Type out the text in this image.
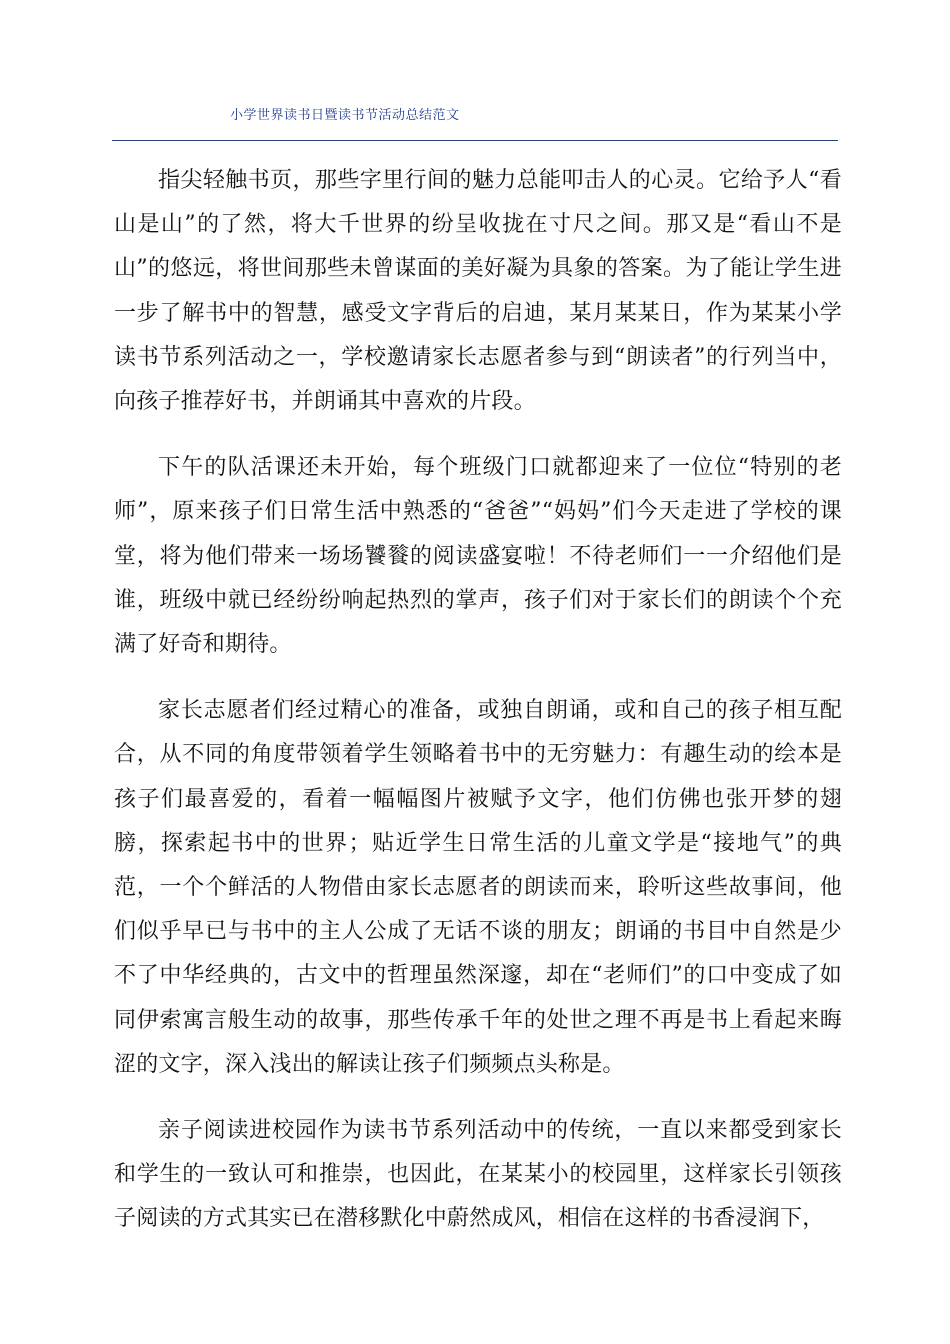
小学世界读书日暨读书节活动总结范文

指尖轻触书页，那些字里行间的魅力总能叩击人的心灵。它给予人“看山是山”的了然，将大千世界的纷呈收拢在寸尺之间。那又是“看山不是山”的悠远，将世间那些未曾谋面的美好凝为具象的答案。为了能让学生进一步了解书中的智慧，感受文字背后的启迪，某月某某日，作为某某小学读书节系列活动之一，学校邀请家长志愿者参与到“朗读者”的行列当中，向孩子推荐好书，并朗诵其中喜欢的片段。

下午的队活课还未开始，每个班级门口就都迎来了一位位“特别的老师”，原来孩子们日常生活中熟悉的“爸爸”“妈妈”们今天走进了学校的课堂，将为他们带来一场场饕餮的阅读盛宴啦！不待老师们一一介绍他们是谁，班级中就已经纷纷响起热烈的掌声，孩子们对于家长们的朗读个个充满了好奇和期待。

家长志愿者们经过精心的准备，或独自朗诵，或和自己的孩子相互配合，从不同的角度带领着学生领略着书中的无穷魅力：有趣生动的绘本是孩子们最喜爱的，看着一幅幅图片被赋予文字，他们仿佛也张开梦的翅膀，探索起书中的世界；贴近学生日常生活的儿童文学是“接地气”的典范，一个个鲜活的人物借由家长志愿者的朗读而来，聆听这些故事间，他们似乎早已与书中的主人公成了无话不谈的朋友；朗诵的书目中自然是少不了中华经典的，古文中的哲理虽然深邃，却在“老师们”的口中变成了如同伊索寓言般生动的故事，那些传承千年的处世之理不再是书上看起来晦涩的文字，深入浅出的解读让孩子们频频点头称是。

亲子阅读进校园作为读书节系列活动中的传统，一直以来都受到家长和学生的一致认可和推崇，也因此，在某某小的校园里，这样家长引领孩子阅读的方式其实已在潜移默化中蔚然成风，相信在这样的书香浸润下，
